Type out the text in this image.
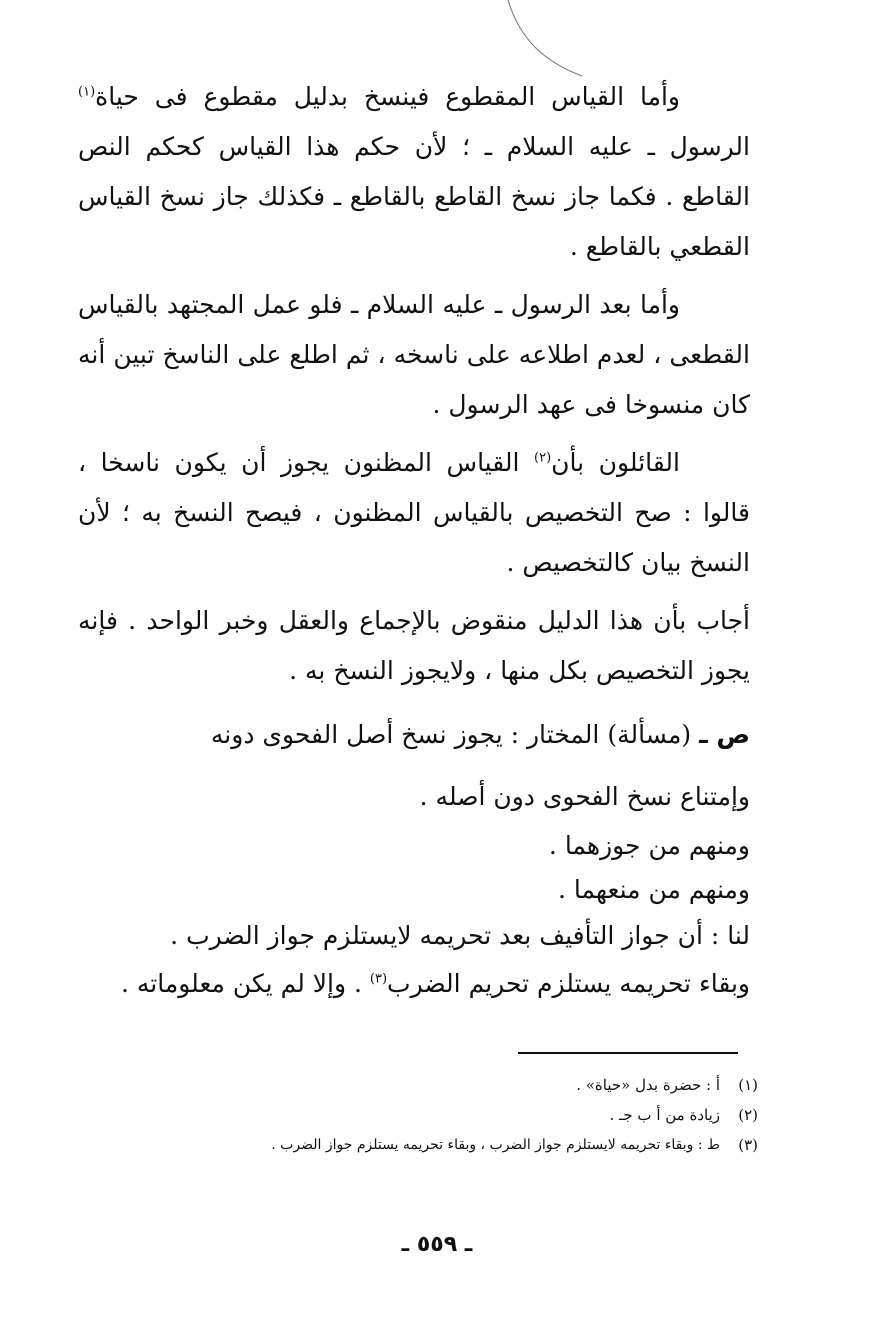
وأما القياس المقطوع فينسخ بدليل مقطوع فى حياة$^{(١)}$ الرسول ـ عليه السلام ـ ؛ لأن حكم هذا القياس كحكم النص القاطع . فكما جاز نسخ القاطع بالقاطع ـ فكذلك جاز نسخ القياس القطعي بالقاطع .

وأما بعد الرسول ـ عليه السلام ـ فلو عمل المجتهد بالقياس القطعى ، لعدم اطلاعه على ناسخه ، ثم اطلع على الناسخ تبين أنه كان منسوخا فى عهد الرسول .

القائلون بأن$^{(٢)}$ القياس المظنون يجوز أن يكون ناسخا ، قالوا : صح التخصيص بالقياس المظنون ، فيصح النسخ به ؛ لأن النسخ بيان كالتخصيص .

أجاب بأن هذا الدليل منقوض بالإجماع والعقل وخبر الواحد . فإنه يجوز التخصيص بكل منها ، ولايجوز النسخ به .

ص ـ (مسألة) المختار : يجوز نسخ أصل الفحوى دونه

وإمتناع نسخ الفحوى دون أصله .

ومنهم من جوزهما .

ومنهم من منعهما .

لنا : أن جواز التأفيف بعد تحريمه لايستلزم جواز الضرب .

وبقاء تحريمه يستلزم تحريم الضرب$^{(٣)}$ . وإلا لم يكن معلوماته .

(١)
أ : حضرة بدل «حياة» .
(٢)
زيادة من أ ب جـ .
(٣)
ط : وبقاء تحريمه لايستلزم جواز الضرب ، وبقاء تحريمه يستلزم جواز الضرب .
ـ ٥٥٩ ـ
